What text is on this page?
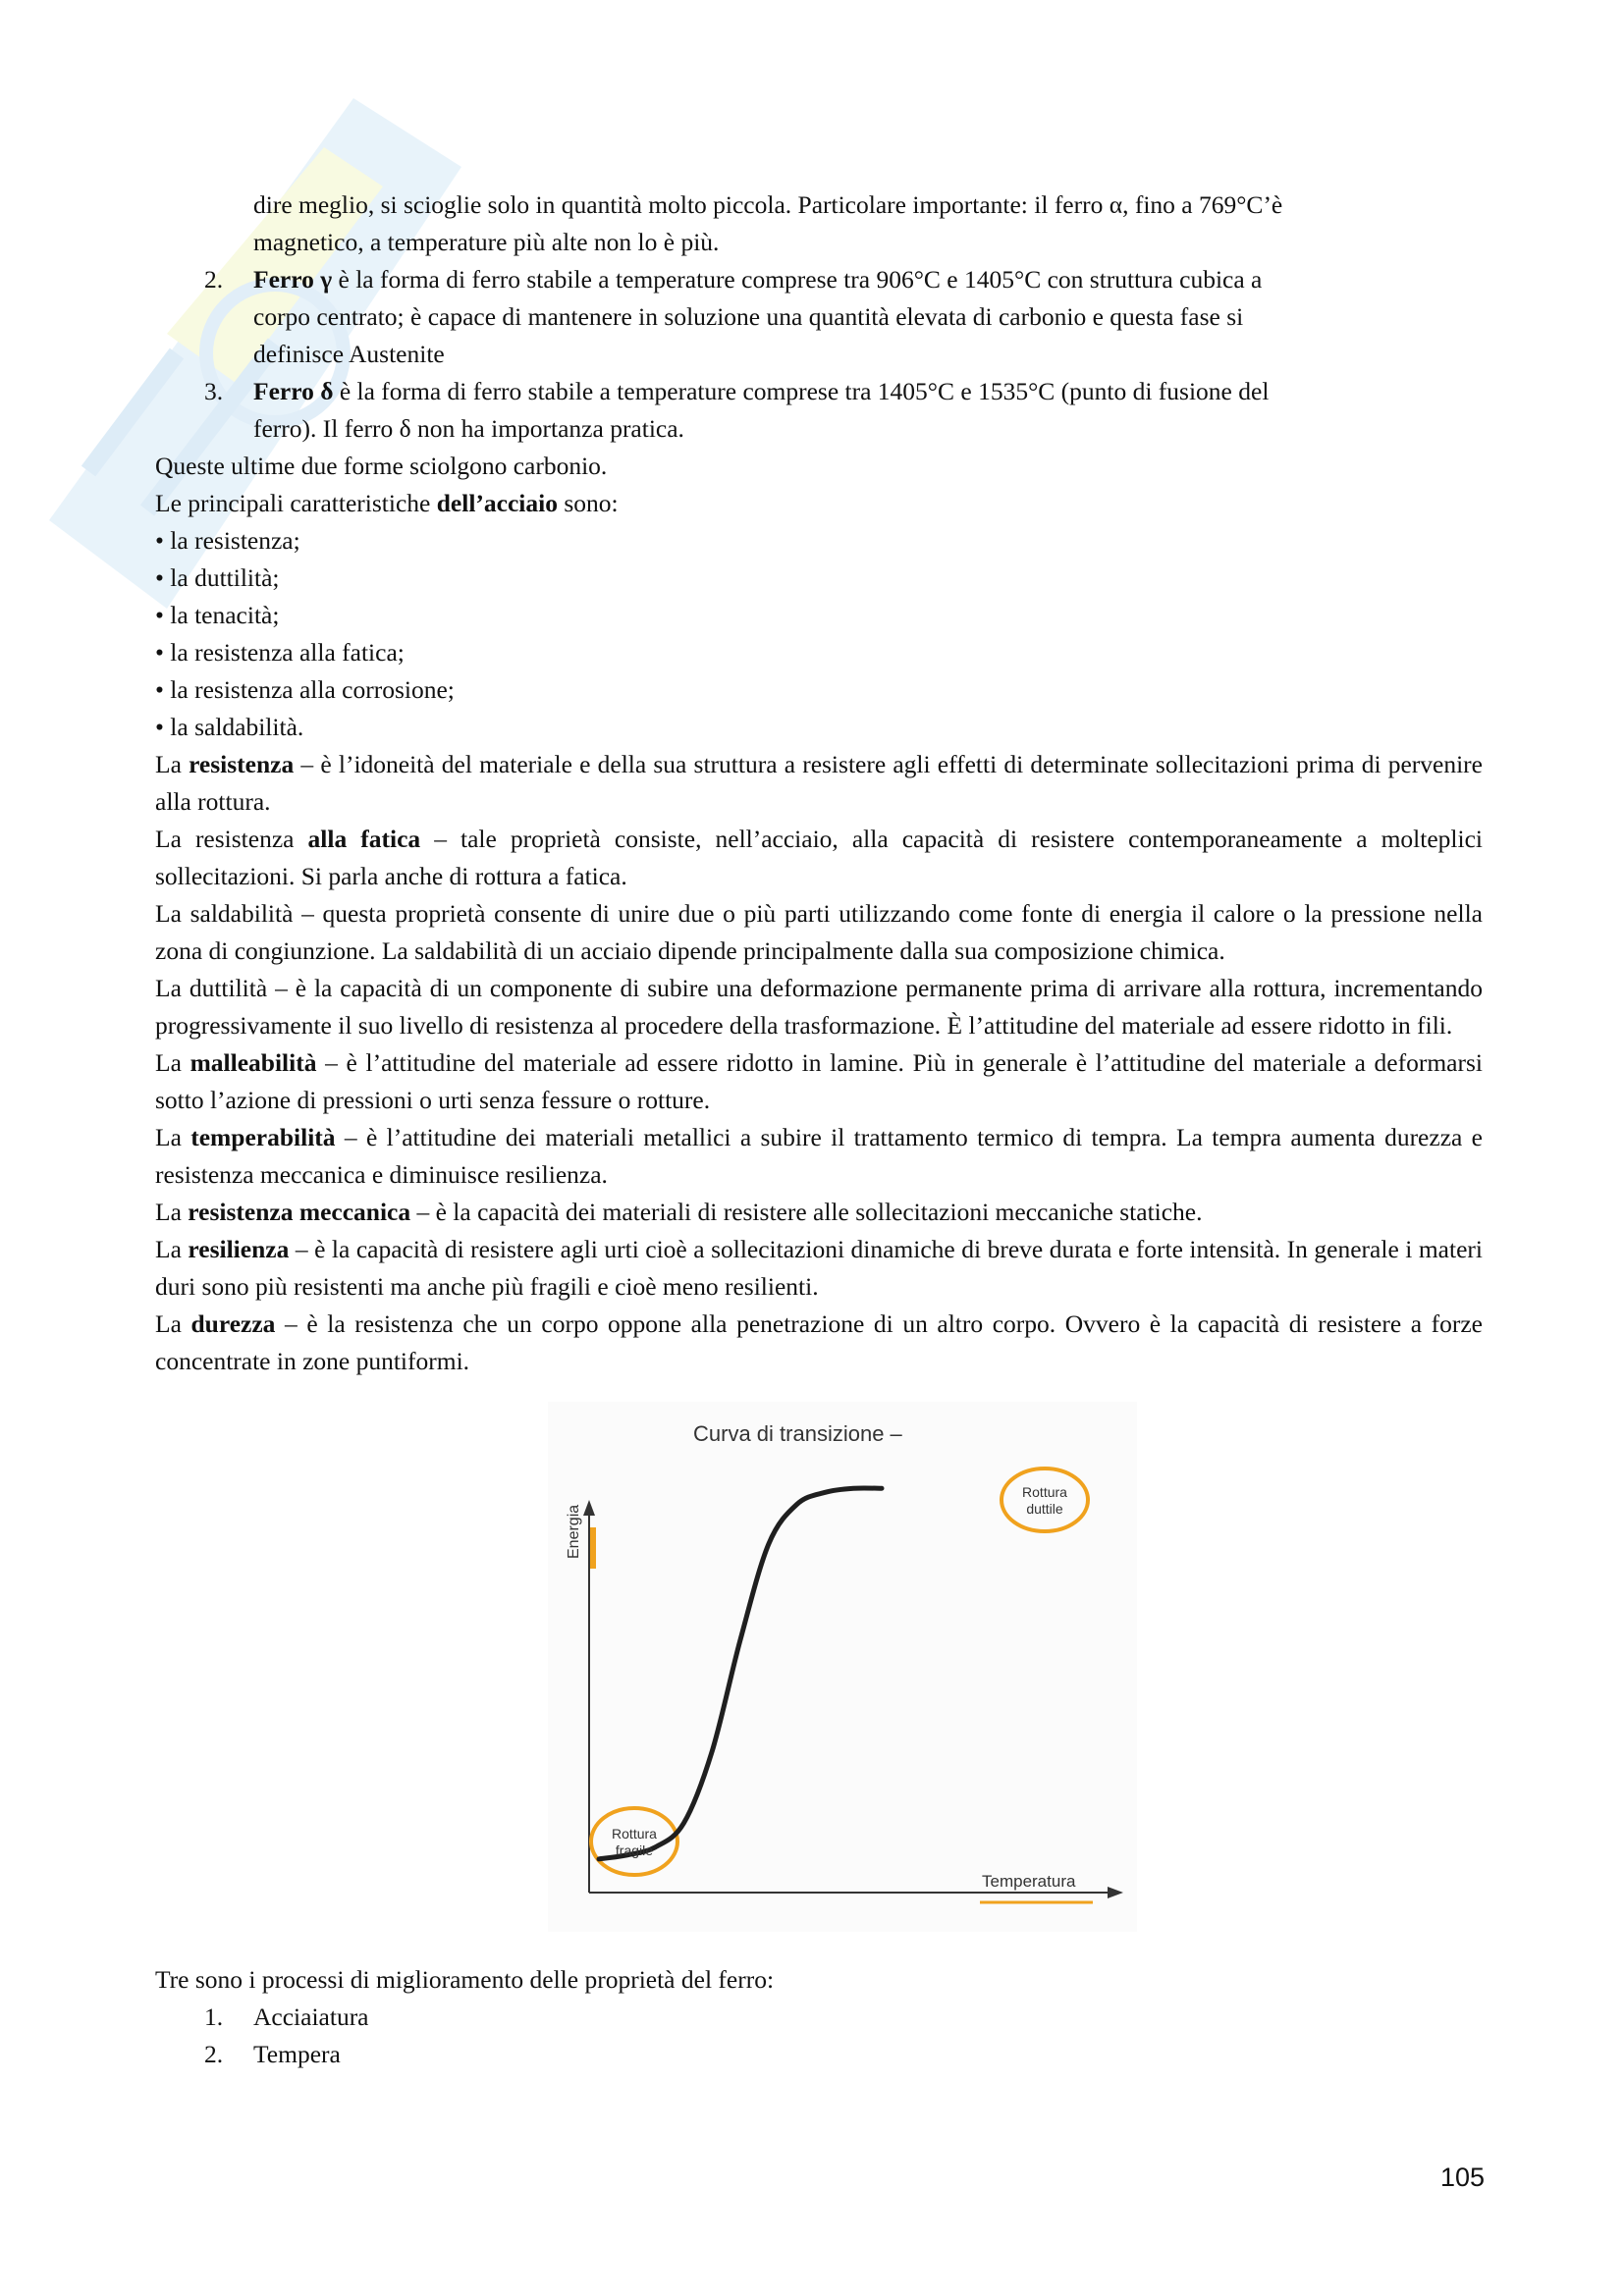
dire meglio, si scioglie solo in quantità molto piccola. Particolare importante: il ferro α, fino a 769°C’è

magnetico, a temperature più alte non lo è più.

2. Ferro γ è la forma di ferro stabile a temperature comprese tra 906°C e 1405°C con struttura cubica a

corpo centrato; è capace di mantenere in soluzione una quantità elevata di carbonio e questa fase si

definisce Austenite

3. Ferro δ è la forma di ferro stabile a temperature comprese tra 1405°C e 1535°C (punto di fusione del

ferro). Il ferro δ non ha importanza pratica.

Queste ultime due forme sciolgono carbonio.

Le principali caratteristiche dell’acciaio sono:

• la resistenza;

• la duttilità;

• la tenacità;

• la resistenza alla fatica;

• la resistenza alla corrosione;

• la saldabilità.

La resistenza – è l’idoneità del materiale e della sua struttura a resistere agli effetti di determinate sollecitazioni prima di pervenire alla rottura.

La resistenza alla fatica – tale proprietà consiste, nell’acciaio, alla capacità di resistere contemporaneamente a molteplici sollecitazioni. Si parla anche di rottura a fatica.

La saldabilità – questa proprietà consente di unire due o più parti utilizzando come fonte di energia il calore o la pressione nella zona di congiunzione. La saldabilità di un acciaio dipende principalmente dalla sua composizione chimica.

La duttilità – è la capacità di un componente di subire una deformazione permanente prima di arrivare alla rottura, incrementando progressivamente il suo livello di resistenza al procedere della trasformazione. È l’attitudine del materiale ad essere ridotto in fili.

La malleabilità – è l’attitudine del materiale ad essere ridotto in lamine. Più in generale è l’attitudine del materiale a deformarsi sotto l’azione di pressioni o urti senza fessure o rotture.

La temperabilità – è l’attitudine dei materiali metallici a subire il trattamento termico di tempra. La tempra aumenta durezza e resistenza meccanica e diminuisce resilienza.

La resistenza meccanica – è la capacità dei materiali di resistere alle sollecitazioni meccaniche statiche.

La resilienza – è la capacità di resistere agli urti cioè a sollecitazioni dinamiche di breve durata e forte intensità. In generale i materi duri sono più resistenti ma anche più fragili e cioè meno resilienti.

La durezza – è la resistenza che un corpo oppone alla penetrazione di un altro corpo. Ovvero è la capacità di resistere a forze concentrate in zone puntiformi.

Curva di transizione –
Energia
Temperatura
Rottura
fragile
Rottura
duttile

Tre sono i processi di miglioramento delle proprietà del ferro:

1. Acciaiatura

2. Tempera

105
